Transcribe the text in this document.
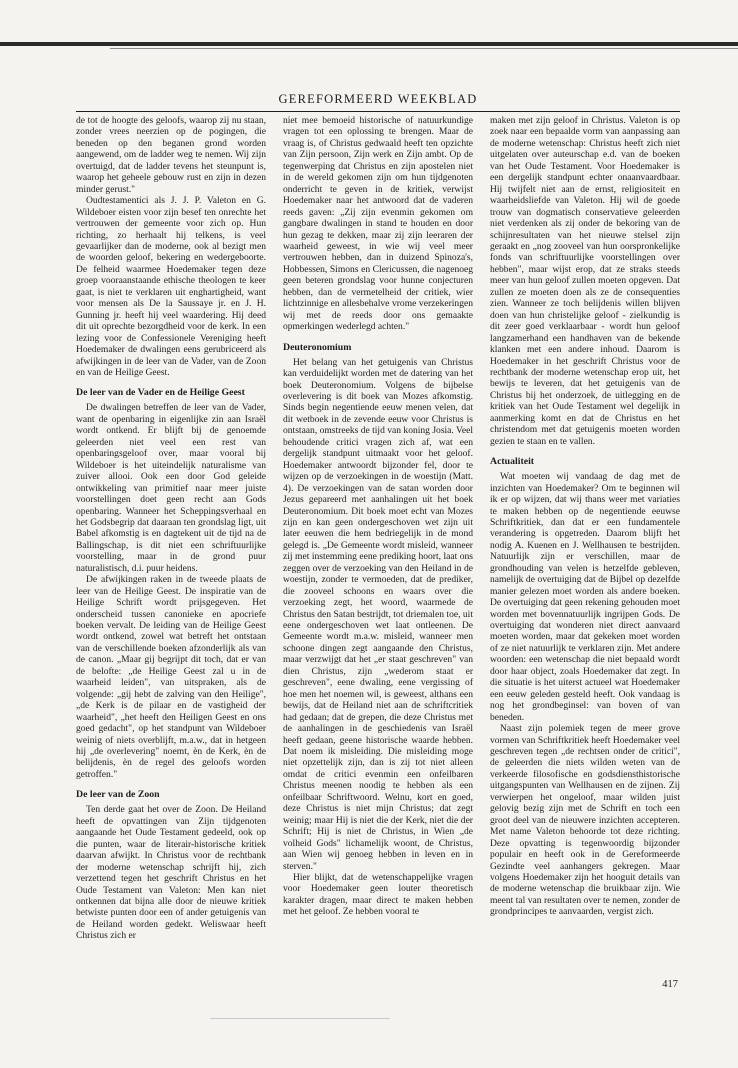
GEREFORMEERD WEEKBLAD

de tot de hoogte des geloofs, waarop zij nu staan, zonder vrees neerzien op de pogingen, die beneden op den beganen grond worden aangewend, om de ladder weg te nemen. Wij zijn overtuigd, dat de ladder tevens het steunpunt is, waarop het geheele gebouw rust en zijn in dezen minder gerust."

Oudtestamentici als J. J. P. Valeton en G. Wildeboer eisten voor zijn besef ten onrechte het vertrouwen der gemeente voor zich op. Hun richting, zo herhaalt hij telkens, is veel gevaarlijker dan de moderne, ook al bezigt men de woorden geloof, bekering en wedergeboorte. De felheid waarmee Hoedemaker tegen deze groep vooraanstaande ethische theologen te keer gaat, is niet te verklaren uit enghartigheid, want voor mensen als De la Saussaye jr. en J. H. Gunning jr. heeft hij veel waardering. Hij deed dit uit oprechte bezorgdheid voor de kerk. In een lezing voor de Confessionele Vereniging heeft Hoedemaker de dwalingen eens gerubriceerd als afwijkingen in de leer van de Vader, van de Zoon en van de Heilige Geest.

De leer van de Vader en de Heilige Geest

De dwalingen betreffen de leer van de Vader, want de openbaring in eigenlijke zin aan Israël wordt ontkend. Er blijft bij de genoemde geleerden niet veel een rest van openbaringsgeloof over, maar vooral bij Wildeboer is het uiteindelijk naturalisme van zuiver allooi. Ook een door God geleide ontwikkeling van primitief naar meer juiste voorstellingen doet geen recht aan Gods openbaring. Wanneer het Scheppingsverhaal en het Godsbegrip dat daaraan ten grondslag ligt, uit Babel afkomstig is en dagtekent uit de tijd na de Ballingschap, is dit niet een schriftuurlijke voorstelling, maar in de grond puur naturalistisch, d.i. puur heidens.

De afwijkingen raken in de tweede plaats de leer van de Heilige Geest. De inspiratie van de Heilige Schrift wordt prijsgegeven. Het onderscheid tussen canonieke en apocriefe boeken vervalt. De leiding van de Heilige Geest wordt ontkend, zowel wat betreft het ontstaan van de verschillende boeken afzonderlijk als van de canon. „Maar gij begrijpt dit toch, dat er van de belofte: „de Heilige Geest zal u in de waarheid leiden", van uitspraken, als de volgende: „gij hebt de zalving van den Heilige", „de Kerk is de pilaar en de vastigheid der waarheid", „het heeft den Heiligen Geest en ons goed gedacht", op het standpunt van Wildeboer weinig of niets overblijft, m.a.w., dat in hetgeen hij „de overlevering" noemt, èn de Kerk, èn de belijdenis, èn de regel des geloofs worden getroffen."

De leer van de Zoon

Ten derde gaat het over de Zoon. De Heiland heeft de opvattingen van Zijn tijdgenoten aangaande het Oude Testament gedeeld, ook op die punten, waar de literair-historische kritiek daarvan afwijkt. In Christus voor de rechtbank der moderne wetenschap schrijft hij, zich verzettend tegen het geschrift Christus en het Oude Testament van Valeton: Men kan niet ontkennen dat bijna alle door de nieuwe kritiek betwiste punten door een of ander getuigenis van de Heiland worden gedekt. Weliswaar heeft Christus zich er

niet mee bemoeid historische of natuurkundige vragen tot een oplossing te brengen. Maar de vraag is, of Christus gedwaald heeft ten opzichte van Zijn persoon, Zijn werk en Zijn ambt. Op de tegenwerping dat Christus en zijn apostelen niet in de wereld gekomen zijn om hun tijdgenoten onderricht te geven in de kritiek, verwijst Hoedemaker naar het antwoord dat de vaderen reeds gaven: „Zij zijn evenmin gekomen om gangbare dwalingen in stand te houden en door hun gezag te dekken, maar zij zijn leeraren der waarheid geweest, in wie wij veel meer vertrouwen hebben, dan in duizend Spinoza's, Hobbessen, Simons en Clericussen, die nagenoeg geen beteren grondslag voor hunne conjecturen hebben, dan de vermetelheid der critiek, wier lichtzinnige en allesbehalve vrome verzekeringen wij met de reeds door ons gemaakte opmerkingen wederlegd achten."

Deuteronomium

Het belang van het getuigenis van Christus kan verduidelijkt worden met de datering van het boek Deuteronomium. Volgens de bijbelse overlevering is dit boek van Mozes afkomstig. Sinds begin negentiende eeuw menen velen, dat dit wetboek in de zevende eeuw voor Christus is ontstaan, omstreeks de tijd van koning Josia. Veel behoudende critici vragen zich af, wat een dergelijk standpunt uitmaakt voor het geloof. Hoedemaker antwoordt bijzonder fel, door te wijzen op de verzoekingen in de woestijn (Matt. 4). De verzoekingen van de satan worden door Jezus gepareerd met aanhalingen uit het boek Deuteronomium. Dit boek moet echt van Mozes zijn en kan geen ondergeschoven wet zijn uit later eeuwen die hem bedriegelijk in de mond gelegd is. „De Gemeente wordt misleid, wanneer zij met instemming eene prediking hoort, laat ons zeggen over de verzoeking van den Heiland in de woestijn, zonder te vermoeden, dat de prediker, die zooveel schoons en waars over die verzoeking zegt, het woord, waarmede de Christus den Satan bestrijdt, tot driemalen toe, uit eene ondergeschoven wet laat ontleenen. De Gemeente wordt m.a.w. misleid, wanneer men schoone dingen zegt aangaande den Christus, maar verzwijgt dat het „er staat geschreven" van dien Christus, zijn „wederom staat er geschreven", eene dwaling, eene vergissing of hoe men het noemen wil, is geweest, althans een bewijs, dat de Heiland niet aan de schriftcritiek had gedaan; dat de grepen, die deze Christus met de aanhalingen in de geschiedenis van Israël heeft gedaan, geene historische waarde hebben. Dat noem ik misleiding. Die misleiding moge niet opzettelijk zijn, dan is zij tot niet alleen omdat de critici evenmin een onfeilbaren Christus meenen noodig te hebben als een onfeilbaar Schriftwoord. Welnu, kort en goed, deze Christus is niet mijn Christus; dat zegt weinig; maar Hij is niet die der Kerk, niet die der Schrift; Hij is niet de Christus, in Wien „de volheid Gods" lichamelijk woont, de Christus, aan Wien wij genoeg hebben in leven en in sterven."

Hier blijkt, dat de wetenschappelijke vragen voor Hoedemaker geen louter theoretisch karakter dragen, maar direct te maken hebben met het geloof. Ze hebben vooral te

maken met zijn geloof in Christus. Valeton is op zoek naar een bepaalde vorm van aanpassing aan de moderne wetenschap: Christus heeft zich niet uitgelaten over auteurschap e.d. van de boeken van het Oude Testament. Voor Hoedemaker is een dergelijk standpunt echter onaanvaardbaar. Hij twijfelt niet aan de ernst, religiositeit en waarheidsliefde van Valeton. Hij wil de goede trouw van dogmatisch conservatieve geleerden niet verdenken als zij onder de bekoring van de schijnresultaten van het nieuwe stelsel zijn geraakt en „nog zooveel van hun oorspronkelijke fonds van schriftuurlijke voorstellingen over hebben", maar wijst erop, dat ze straks steeds meer van hun geloof zullen moeten opgeven. Dat zullen ze moeten doen als ze de consequenties zien. Wanneer ze toch belijdenis willen blijven doen van hun christelijke geloof - zielkundig is dit zeer goed verklaarbaar - wordt hun geloof langzamerhand een handhaven van de bekende klanken met een andere inhoud. Daarom is Hoedemaker in het geschrift Christus voor de rechtbank der moderne wetenschap erop uit, het bewijs te leveren, dat het getuigenis van de Christus bij het onderzoek, de uitlegging en de kritiek van het Oude Testament wel degelijk in aanmerking komt en dat de Christus en het christendom met dat getuigenis moeten worden gezien te staan en te vallen.

Actualiteit

Wat moeten wij vandaag de dag met de inzichten van Hoedemaker? Om te beginnen wil ik er op wijzen, dat wij thans weer met variaties te maken hebben op de negentiende eeuwse Schriftkritiek, dan dat er een fundamentele verandering is opgetreden. Daarom blijft het nodig A. Kuenen en J. Wellhausen te bestrijden. Natuurlijk zijn er verschillen, maar de grondhouding van velen is hetzelfde gebleven, namelijk de overtuiging dat de Bijbel op dezelfde manier gelezen moet worden als andere boeken. De overtuiging dat geen rekening gehouden moet worden met bovennatuurlijk ingrijpen Gods. De overtuiging dat wonderen niet direct aanvaard moeten worden, maar dat gekeken moet worden of ze niet natuurlijk te verklaren zijn. Met andere woorden: een wetenschap die niet bepaald wordt door haar object, zoals Hoedemaker dat zegt. In die situatie is het uiterst actueel wat Hoedemaker een eeuw geleden gesteld heeft. Ook vandaag is nog het grondbeginsel: van boven of van beneden.

Naast zijn polemiek tegen de meer grove vormen van Schriftkritiek heeft Hoedemaker veel geschreven tegen „de rechtsen onder de critici", de geleerden die niets wilden weten van de verkeerde filosofische en godsdiensthistorische uitgangspunten van Wellhausen en de zijnen. Zij verwierpen het ongeloof, maar wilden juist gelovig bezig zijn met de Schrift en toch een groot deel van de nieuwere inzichten accepteren. Met name Valeton behoorde tot deze richting. Deze opvatting is tegenwoordig bijzonder populair en heeft ook in de Gereformeerde Gezindte veel aanhangers gekregen. Maar volgens Hoedemaker zijn het hooguit details van de moderne wetenschap die bruikbaar zijn. Wie meent tal van resultaten over te nemen, zonder de grondprincipes te aanvaarden, vergist zich.

417
